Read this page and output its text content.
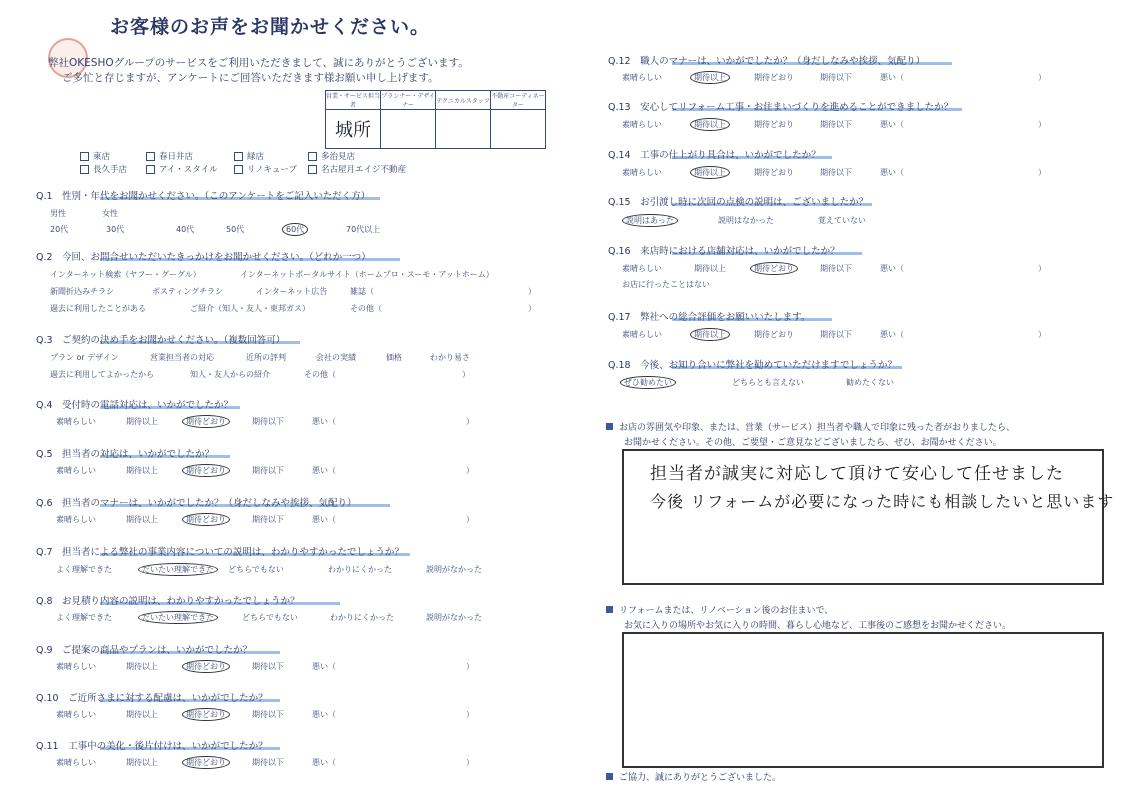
お客様のお声をお聞かせください。
弊社OKESHOグループのサービスをご利用いただきまして、誠にありがとうございます。
ご多忙と存じますが、アンケートにご回答いただきます様お願い申し上げます。
営業・サービス担当者	プランナー・デザイナー	テクニカルスタッフ	不動産コーディネーター
城所			
東店	春日井店	緑店	多治見店
長久手店	アイ・スタイル	リノキューブ	名古屋月エイジ不動産
Q.1　性別・年代をお聞かせください。（このアンケートをご記入いただく方）
男性	女性
20代	30代	40代	50代	60代	70代以上
Q.2　今回、お問合せいただいたきっかけをお聞かせください。（どれか一つ）
インターネット検索（ヤフー・グーグル）	インターネットポータルサイト（ホームプロ・スーモ・アットホーム）
新聞折込みチラシ	ポスティングチラシ	インターネット広告	雑誌（	）
過去に利用したことがある	ご紹介（知人・友人・東邦ガス）	その他（	）
Q.3　ご契約の決め手をお聞かせください。（複数回答可）
プラン or デザイン	営業担当者の対応	近所の評判	会社の実績	価格	わかり易さ
過去に利用してよかったから	知人・友人からの紹介	その他（	）
Q.4　受付時の電話対応は、いかがでしたか？
素晴らしい	期待以上	期待どおり	期待以下	悪い（	）
Q.5　担当者の対応は、いかがでしたか？
素晴らしい	期待以上	期待どおり	期待以下	悪い（	）
Q.6　担当者のマナーは、いかがでしたか？（身だしなみや挨拶、気配り）
素晴らしい	期待以上	期待どおり	期待以下	悪い（	）
Q.7　担当者による弊社の事業内容についての説明は、わかりやすかったでしょうか？
よく理解できた	だいたい理解できた	どちらでもない	わかりにくかった	説明がなかった
Q.8　お見積り内容の説明は、わかりやすかったでしょうか？
よく理解できた	だいたい理解できた	どちらでもない	わかりにくかった	説明がなかった
Q.9　ご提案の商品やプランは、いかがでしたか？
素晴らしい	期待以上	期待どおり	期待以下	悪い（	）
Q.10　ご近所さまに対する配慮は、いかがでしたか？
素晴らしい	期待以上	期待どおり	期待以下	悪い（	）
Q.11　工事中の美化・後片付けは、いかがでしたか？
素晴らしい	期待以上	期待どおり	期待以下	悪い（	）
Q.12　職人のマナーは、いかがでしたか？（身だしなみや挨拶、気配り）
素晴らしい	期待以上	期待どおり	期待以下	悪い（	）
Q.13　安心してリフォーム工事・お住まいづくりを進めることができましたか？
素晴らしい	期待以上	期待どおり	期待以下	悪い（	）
Q.14　工事の仕上がり具合は、いかがでしたか？
素晴らしい	期待以上	期待どおり	期待以下	悪い（	）
Q.15　お引渡し時に次回の点検の説明は、ございましたか？
説明はあった	説明はなかった	覚えていない
Q.16　来店時における店舗対応は、いかがでしたか？
素晴らしい	期待以上	期待どおり	期待以下	悪い（	）
お店に行ったことはない
Q.17　弊社への総合評価をお願いいたします。
素晴らしい	期待以上	期待どおり	期待以下	悪い（	）
Q.18　今後、お知り合いに弊社を勧めていただけますでしょうか？
ぜひ勧めたい	どちらとも言えない	勧めたくない
お店の雰囲気や印象、または、営業（サービス）担当者や職人で印象に残った者がおりましたら、
お聞かせください。その他、ご要望・ご意見などございましたら、ぜひ、お聞かせください。
担当者が誠実に対応して頂けて安心して任せました
今後 リフォームが必要になった時にも相談したいと思います
リフォームまたは、リノベーション後のお住まいで、
お気に入りの場所やお気に入りの時間、暮らし心地など、工事後のご感想をお聞かせください。
ご協力、誠にありがとうございました。
